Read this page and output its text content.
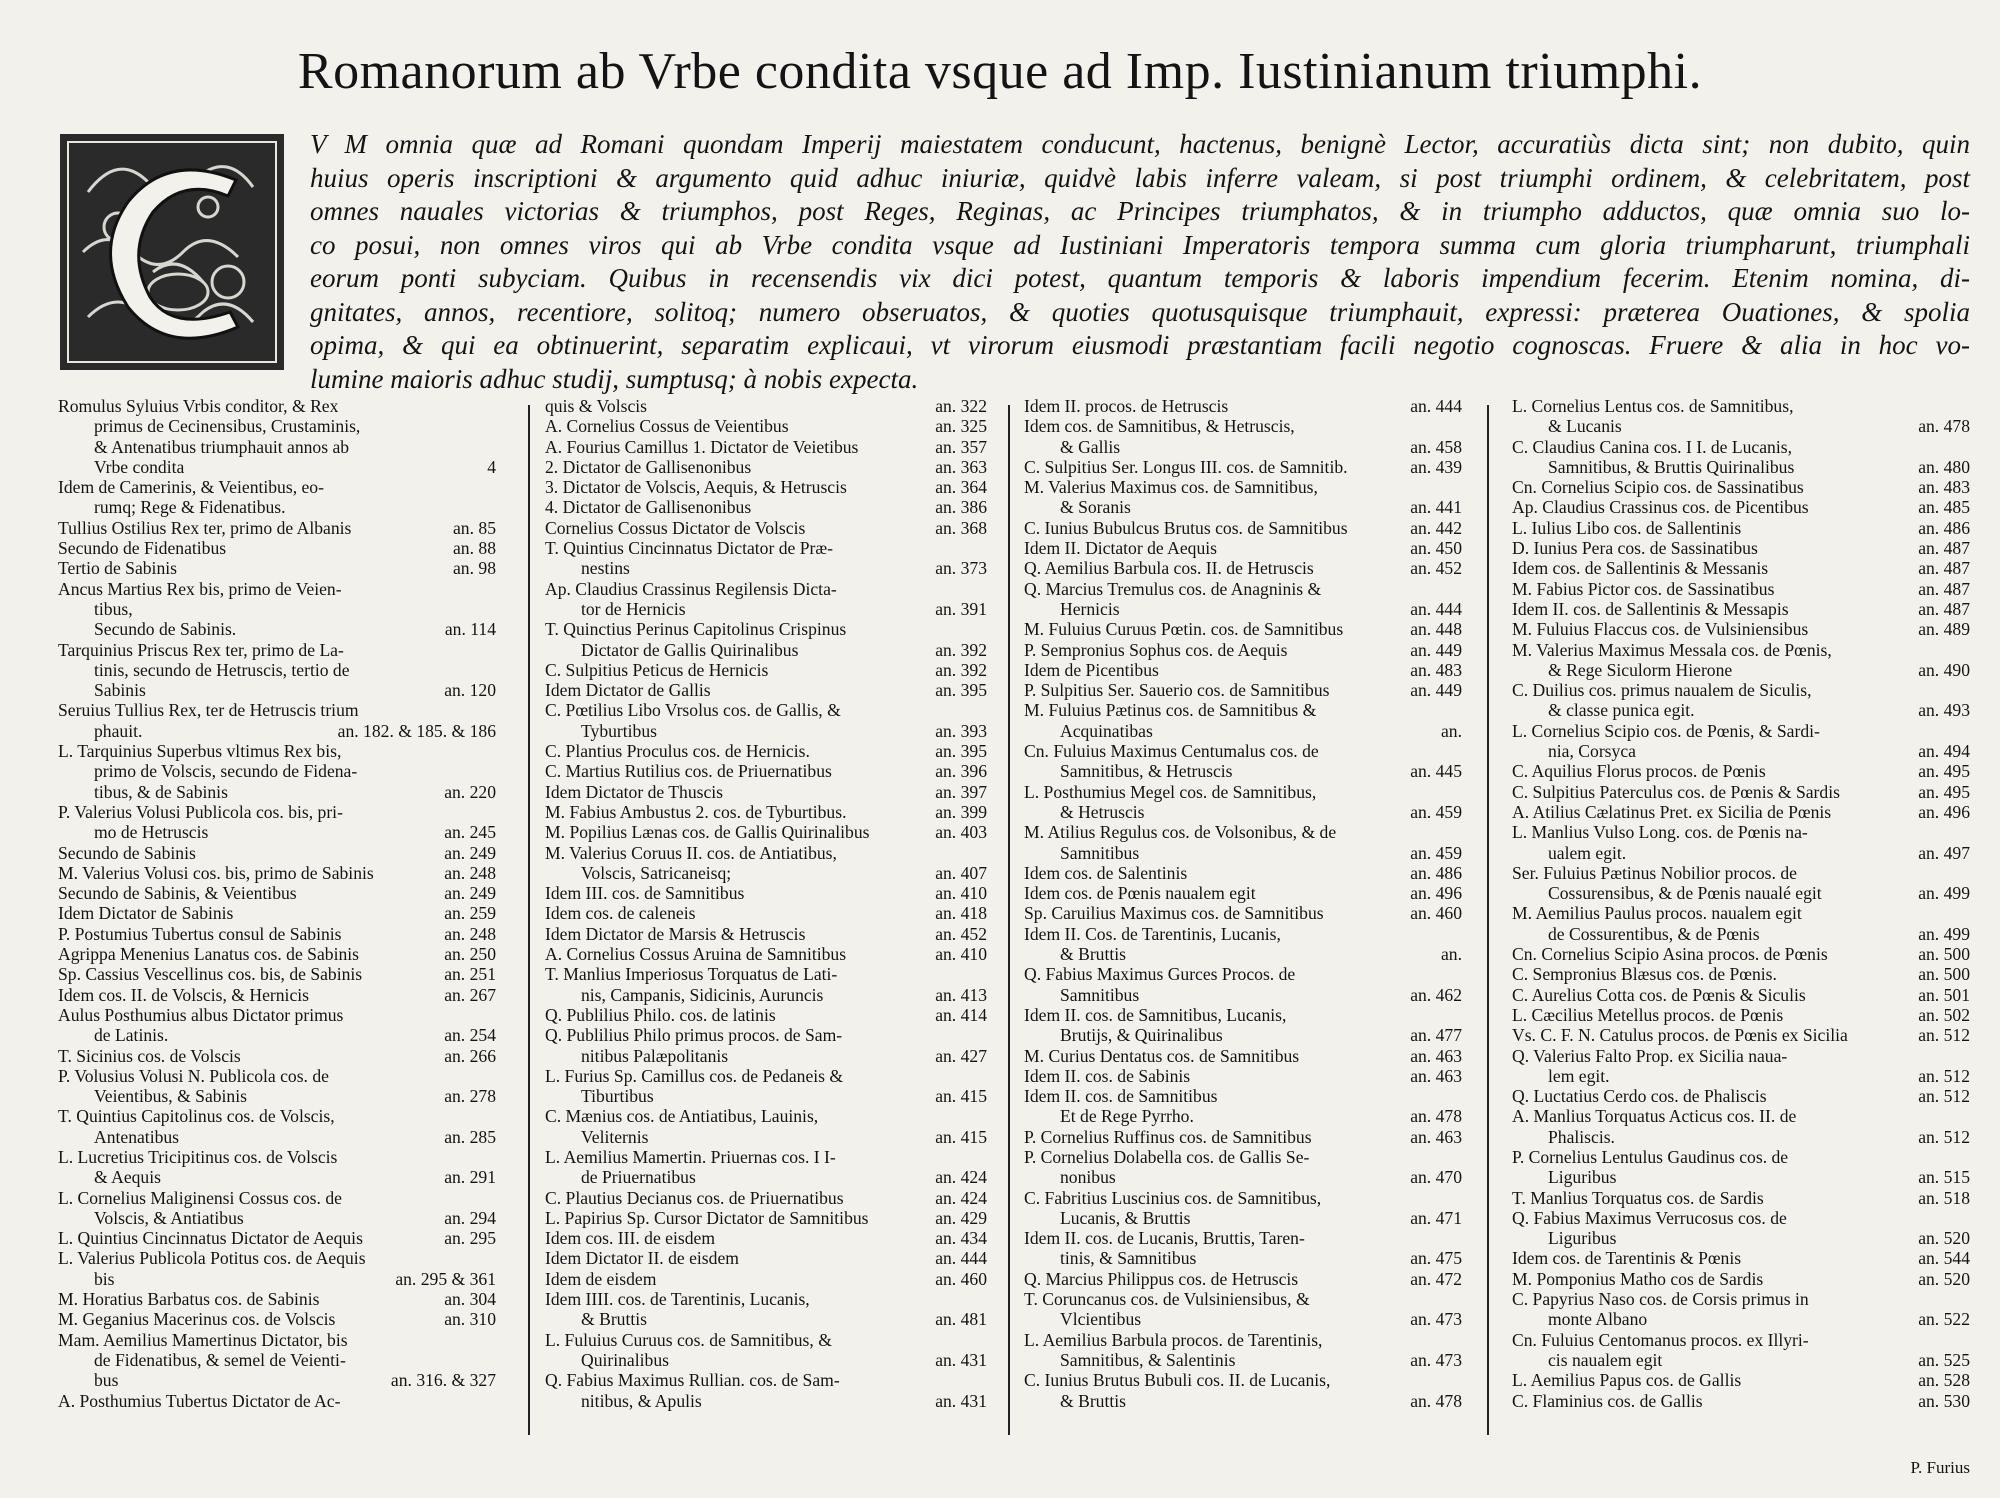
Romanorum ab Vrbe condita vsque ad Imp. Iustinianum triumphi.
V M omnia quæ ad Romani quondam Imperij maiestatem conducunt, hactenus, benignè Lector, accuratiùs dicta sint; non dubito, quin
huius operis inscriptioni & argumento quid adhuc iniuriæ, quidvè labis inferre valeam, si post triumphi ordinem, & celebritatem, post
omnes nauales victorias & triumphos, post Reges, Reginas, ac Principes triumphatos, & in triumpho adductos, quæ omnia suo lo-
co posui, non omnes viros qui ab Vrbe condita vsque ad Iustiniani Imperatoris tempora summa cum gloria triumpharunt, triumphali
eorum ponti subyciam. Quibus in recensendis vix dici potest, quantum temporis & laboris impendium fecerim. Etenim nomina, di-
gnitates, annos, recentiore, solitoq; numero obseruatos, & quoties quotusquisque triumphauit, expressi: præterea Ouationes, & spolia
opima, & qui ea obtinuerint, separatim explicaui, vt virorum eiusmodi præstantiam facili negotio cognoscas. Fruere & alia in hoc vo-
lumine maioris adhuc studij, sumptusq; à nobis expecta.
Romulus Syluius Vrbis conditor, & Rex
primus de Cecinensibus, Crustaminis,
& Antenatibus triumphauit annos ab
Vrbe condita	4
Idem de Camerinis, & Veientibus, eo-
rumq; Rege & Fidenatibus.
Tullius Ostilius Rex ter, primo de Albanis	an. 85
Secundo de Fidenatibus	an. 88
Tertio de Sabinis	an. 98
Ancus Martius Rex bis, primo de Veien-
tibus,
Secundo de Sabinis.	an. 114
Tarquinius Priscus Rex ter, primo de La-
tinis, secundo de Hetruscis, tertio de
Sabinis	an. 120
Seruius Tullius Rex, ter de Hetruscis trium
phauit.	an. 182. & 185. & 186
L. Tarquinius Superbus vltimus Rex bis,
primo de Volscis, secundo de Fidena-
tibus, & de Sabinis	an. 220
P. Valerius Volusi Publicola cos. bis, pri-
mo de Hetruscis	an. 245
Secundo de Sabinis	an. 249
M. Valerius Volusi cos. bis, primo de Sabinis	an. 248
Secundo de Sabinis, & Veientibus	an. 249
Idem Dictator de Sabinis	an. 259
P. Postumius Tubertus consul de Sabinis	an. 248
Agrippa Menenius Lanatus cos. de Sabinis	an. 250
Sp. Cassius Vescellinus cos. bis, de Sabinis	an. 251
Idem cos. II. de Volscis, & Hernicis	an. 267
Aulus Posthumius albus Dictator primus
de Latinis.	an. 254
T. Sicinius cos. de Volscis	an. 266
P. Volusius Volusi N. Publicola cos. de
Veientibus, & Sabinis	an. 278
T. Quintius Capitolinus cos. de Volscis,
Antenatibus	an. 285
L. Lucretius Tricipitinus cos. de Volscis
& Aequis	an. 291
L. Cornelius Maliginensi Cossus cos. de
Volscis, & Antiatibus	an. 294
L. Quintius Cincinnatus Dictator de Aequis	an. 295
L. Valerius Publicola Potitus cos. de Aequis
bis	an. 295 & 361
M. Horatius Barbatus cos. de Sabinis	an. 304
M. Geganius Macerinus cos. de Volscis	an. 310
Mam. Aemilius Mamertinus Dictator, bis
de Fidenatibus, & semel de Veienti-
bus	an. 316. & 327
A. Posthumius Tubertus Dictator de Ac-
quis & Volscis	an. 322
A. Cornelius Cossus de Veientibus	an. 325
A. Fourius Camillus 1. Dictator de Veietibus	an. 357
2. Dictator de Gallisenonibus	an. 363
3. Dictator de Volscis, Aequis, & Hetruscis	an. 364
4. Dictator de Gallisenonibus	an. 386
Cornelius Cossus Dictator de Volscis	an. 368
T. Quintius Cincinnatus Dictator de Præ-
nestins	an. 373
Ap. Claudius Crassinus Regilensis Dicta-
tor de Hernicis	an. 391
T. Quinctius Perinus Capitolinus Crispinus
Dictator de Gallis Quirinalibus	an. 392
C. Sulpitius Peticus de Hernicis	an. 392
Idem Dictator de Gallis	an. 395
C. Pœtilius Libo Vrsolus cos. de Gallis, &
Tyburtibus	an. 393
C. Plantius Proculus cos. de Hernicis.	an. 395
C. Martius Rutilius cos. de Priuernatibus	an. 396
Idem Dictator de Thuscis	an. 397
M. Fabius Ambustus 2. cos. de Tyburtibus.	an. 399
M. Popilius Lænas cos. de Gallis Quirinalibus	an. 403
M. Valerius Coruus II. cos. de Antiatibus,
Volscis, Satricaneisq;	an. 407
Idem III. cos. de Samnitibus	an. 410
Idem cos. de caleneis	an. 418
Idem Dictator de Marsis & Hetruscis	an. 452
A. Cornelius Cossus Aruina de Samnitibus	an. 410
T. Manlius Imperiosus Torquatus de Lati-
nis, Campanis, Sidicinis, Auruncis	an. 413
Q. Publilius Philo. cos. de latinis	an. 414
Q. Publilius Philo primus procos. de Sam-
nitibus Palæpolitanis	an. 427
L. Furius Sp. Camillus cos. de Pedaneis &
Tiburtibus	an. 415
C. Mænius cos. de Antiatibus, Lauinis,
Veliternis	an. 415
L. Aemilius Mamertin. Priuernas cos. I I-
de Priuernatibus	an. 424
C. Plautius Decianus cos. de Priuernatibus	an. 424
L. Papirius Sp. Cursor Dictator de Samnitibus	an. 429
Idem cos. III. de eisdem	an. 434
Idem Dictator II. de eisdem	an. 444
Idem de eisdem	an. 460
Idem IIII. cos. de Tarentinis, Lucanis,
& Bruttis	an. 481
L. Fuluius Curuus cos. de Samnitibus, &
Quirinalibus	an. 431
Q. Fabius Maximus Rullian. cos. de Sam-
nitibus, & Apulis	an. 431
Idem II. procos. de Hetruscis	an. 444
Idem cos. de Samnitibus, & Hetruscis,
& Gallis	an. 458
C. Sulpitius Ser. Longus III. cos. de Samnitib.	an. 439
M. Valerius Maximus cos. de Samnitibus,
& Soranis	an. 441
C. Iunius Bubulcus Brutus cos. de Samnitibus	an. 442
Idem II. Dictator de Aequis	an. 450
Q. Aemilius Barbula cos. II. de Hetruscis	an. 452
Q. Marcius Tremulus cos. de Anagninis &
Hernicis	an. 444
M. Fuluius Curuus Pœtin. cos. de Samnitibus	an. 448
P. Sempronius Sophus cos. de Aequis	an. 449
Idem de Picentibus	an. 483
P. Sulpitius Ser. Sauerio cos. de Samnitibus	an. 449
M. Fuluius Pætinus cos. de Samnitibus &
Acquinatibas	an.
Cn. Fuluius Maximus Centumalus cos. de
Samnitibus, & Hetruscis	an. 445
L. Posthumius Megel cos. de Samnitibus,
& Hetruscis	an. 459
M. Atilius Regulus cos. de Volsonibus, & de
Samnitibus	an. 459
Idem cos. de Salentinis	an. 486
Idem cos. de Pœnis naualem egit	an. 496
Sp. Caruilius Maximus cos. de Samnitibus	an. 460
Idem II. Cos. de Tarentinis, Lucanis,
& Bruttis	an.
Q. Fabius Maximus Gurces Procos. de
Samnitibus	an. 462
Idem II. cos. de Samnitibus, Lucanis,
Brutijs, & Quirinalibus	an. 477
M. Curius Dentatus cos. de Samnitibus	an. 463
Idem II. cos. de Sabinis	an. 463
Idem II. cos. de Samnitibus
Et de Rege Pyrrho.	an. 478
P. Cornelius Ruffinus cos. de Samnitibus	an. 463
P. Cornelius Dolabella cos. de Gallis Se-
nonibus	an. 470
C. Fabritius Luscinius cos. de Samnitibus,
Lucanis, & Bruttis	an. 471
Idem II. cos. de Lucanis, Bruttis, Taren-
tinis, & Samnitibus	an. 475
Q. Marcius Philippus cos. de Hetruscis	an. 472
T. Coruncanus cos. de Vulsiniensibus, &
Vlcientibus	an. 473
L. Aemilius Barbula procos. de Tarentinis,
Samnitibus, & Salentinis	an. 473
C. Iunius Brutus Bubuli cos. II. de Lucanis,
& Bruttis	an. 478
L. Cornelius Lentus cos. de Samnitibus,
& Lucanis	an. 478
C. Claudius Canina cos. I I. de Lucanis,
Samnitibus, & Bruttis Quirinalibus	an. 480
Cn. Cornelius Scipio cos. de Sassinatibus	an. 483
Ap. Claudius Crassinus cos. de Picentibus	an. 485
L. Iulius Libo cos. de Sallentinis	an. 486
D. Iunius Pera cos. de Sassinatibus	an. 487
Idem cos. de Sallentinis & Messanis	an. 487
M. Fabius Pictor cos. de Sassinatibus	an. 487
Idem II. cos. de Sallentinis & Messapis	an. 487
M. Fuluius Flaccus cos. de Vulsiniensibus	an. 489
M. Valerius Maximus Messala cos. de Pœnis,
& Rege Siculorm Hierone	an. 490
C. Duilius cos. primus naualem de Siculis,
& classe punica egit.	an. 493
L. Cornelius Scipio cos. de Pœnis, & Sardi-
nia, Corsyca	an. 494
C. Aquilius Florus procos. de Pœnis	an. 495
C. Sulpitius Paterculus cos. de Pœnis & Sardis	an. 495
A. Atilius Cælatinus Pret. ex Sicilia de Pœnis	an. 496
L. Manlius Vulso Long. cos. de Pœnis na-
ualem egit.	an. 497
Ser. Fuluius Pætinus Nobilior procos. de
Cossurensibus, & de Pœnis naualé egit	an. 499
M. Aemilius Paulus procos. naualem egit
de Cossurentibus, & de Pœnis	an. 499
Cn. Cornelius Scipio Asina procos. de Pœnis	an. 500
C. Sempronius Blæsus cos. de Pœnis.	an. 500
C. Aurelius Cotta cos. de Pœnis & Siculis	an. 501
L. Cæcilius Metellus procos. de Pœnis	an. 502
Vs. C. F. N. Catulus procos. de Pœnis ex Sicilia	an. 512
Q. Valerius Falto Prop. ex Sicilia naua-
lem egit.	an. 512
Q. Luctatius Cerdo cos. de Phaliscis	an. 512
A. Manlius Torquatus Acticus cos. II. de
Phaliscis.	an. 512
P. Cornelius Lentulus Gaudinus cos. de
Liguribus	an. 515
T. Manlius Torquatus cos. de Sardis	an. 518
Q. Fabius Maximus Verrucosus cos. de
Liguribus	an. 520
Idem cos. de Tarentinis & Pœnis	an. 544
M. Pomponius Matho cos de Sardis	an. 520
C. Papyrius Naso cos. de Corsis primus in
monte Albano	an. 522
Cn. Fuluius Centomanus procos. ex Illyri-
cis naualem egit	an. 525
L. Aemilius Papus cos. de Gallis	an. 528
C. Flaminius cos. de Gallis	an. 530
P. Furius
